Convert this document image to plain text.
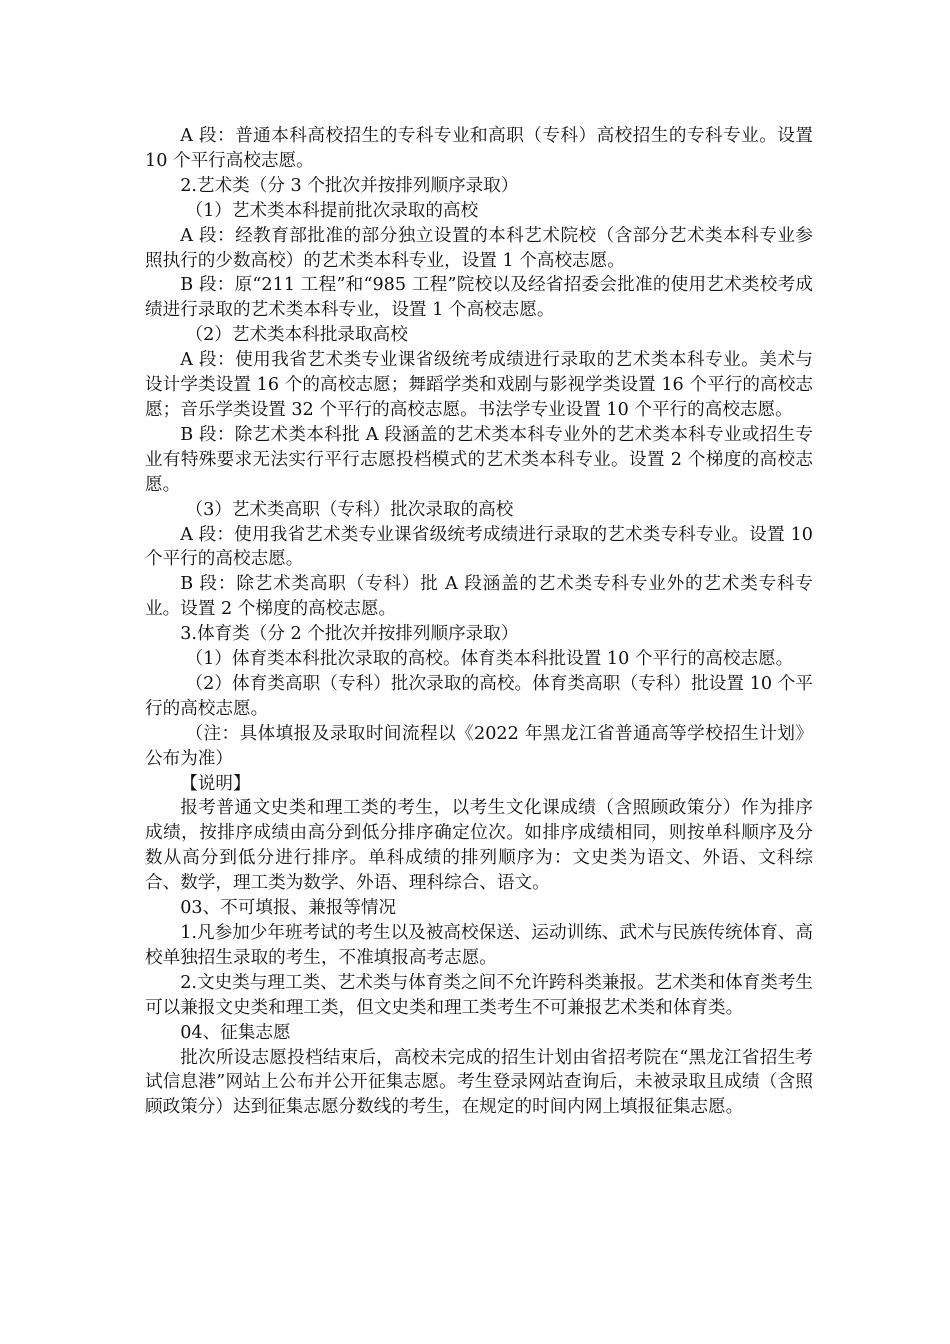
A 段：普通本科高校招生的专科专业和高职（专科）高校招生的专科专业。设置 10 个平行高校志愿。

2.艺术类（分 3 个批次并按排列顺序录取）

（1）艺术类本科提前批次录取的高校

A 段：经教育部批准的部分独立设置的本科艺术院校（含部分艺术类本科专业参照执行的少数高校）的艺术类本科专业，设置 1 个高校志愿。

B 段：原“211 工程”和“985 工程”院校以及经省招委会批准的使用艺术类校考成绩进行录取的艺术类本科专业，设置 1 个高校志愿。

（2）艺术类本科批录取高校

A 段：使用我省艺术类专业课省级统考成绩进行录取的艺术类本科专业。美术与设计学类设置 16 个的高校志愿；舞蹈学类和戏剧与影视学类设置 16 个平行的高校志愿；音乐学类设置 32 个平行的高校志愿。书法学专业设置 10 个平行的高校志愿。

B 段：除艺术类本科批 A 段涵盖的艺术类本科专业外的艺术类本科专业或招生专业有特殊要求无法实行平行志愿投档模式的艺术类本科专业。设置 2 个梯度的高校志愿。

（3）艺术类高职（专科）批次录取的高校

A 段：使用我省艺术类专业课省级统考成绩进行录取的艺术类专科专业。设置 10 个平行的高校志愿。

B 段：除艺术类高职（专科）批 A 段涵盖的艺术类专科专业外的艺术类专科专业。设置 2 个梯度的高校志愿。

3.体育类（分 2 个批次并按排列顺序录取）

（1）体育类本科批次录取的高校。体育类本科批设置 10 个平行的高校志愿。

（2）体育类高职（专科）批次录取的高校。体育类高职（专科）批设置 10 个平行的高校志愿。

（注：具体填报及录取时间流程以《2022 年黑龙江省普通高等学校招生计划》公布为准）

【说明】

报考普通文史类和理工类的考生，以考生文化课成绩（含照顾政策分）作为排序成绩，按排序成绩由高分到低分排序确定位次。如排序成绩相同，则按单科顺序及分数从高分到低分进行排序。单科成绩的排列顺序为：文史类为语文、外语、文科综合、数学，理工类为数学、外语、理科综合、语文。

03、不可填报、兼报等情况

1.凡参加少年班考试的考生以及被高校保送、运动训练、武术与民族传统体育、高校单独招生录取的考生，不准填报高考志愿。

2.文史类与理工类、艺术类与体育类之间不允许跨科类兼报。艺术类和体育类考生可以兼报文史类和理工类，但文史类和理工类考生不可兼报艺术类和体育类。

04、征集志愿

批次所设志愿投档结束后，高校未完成的招生计划由省招考院在“黑龙江省招生考试信息港”网站上公布并公开征集志愿。考生登录网站查询后，未被录取且成绩（含照顾政策分）达到征集志愿分数线的考生，在规定的时间内网上填报征集志愿。
